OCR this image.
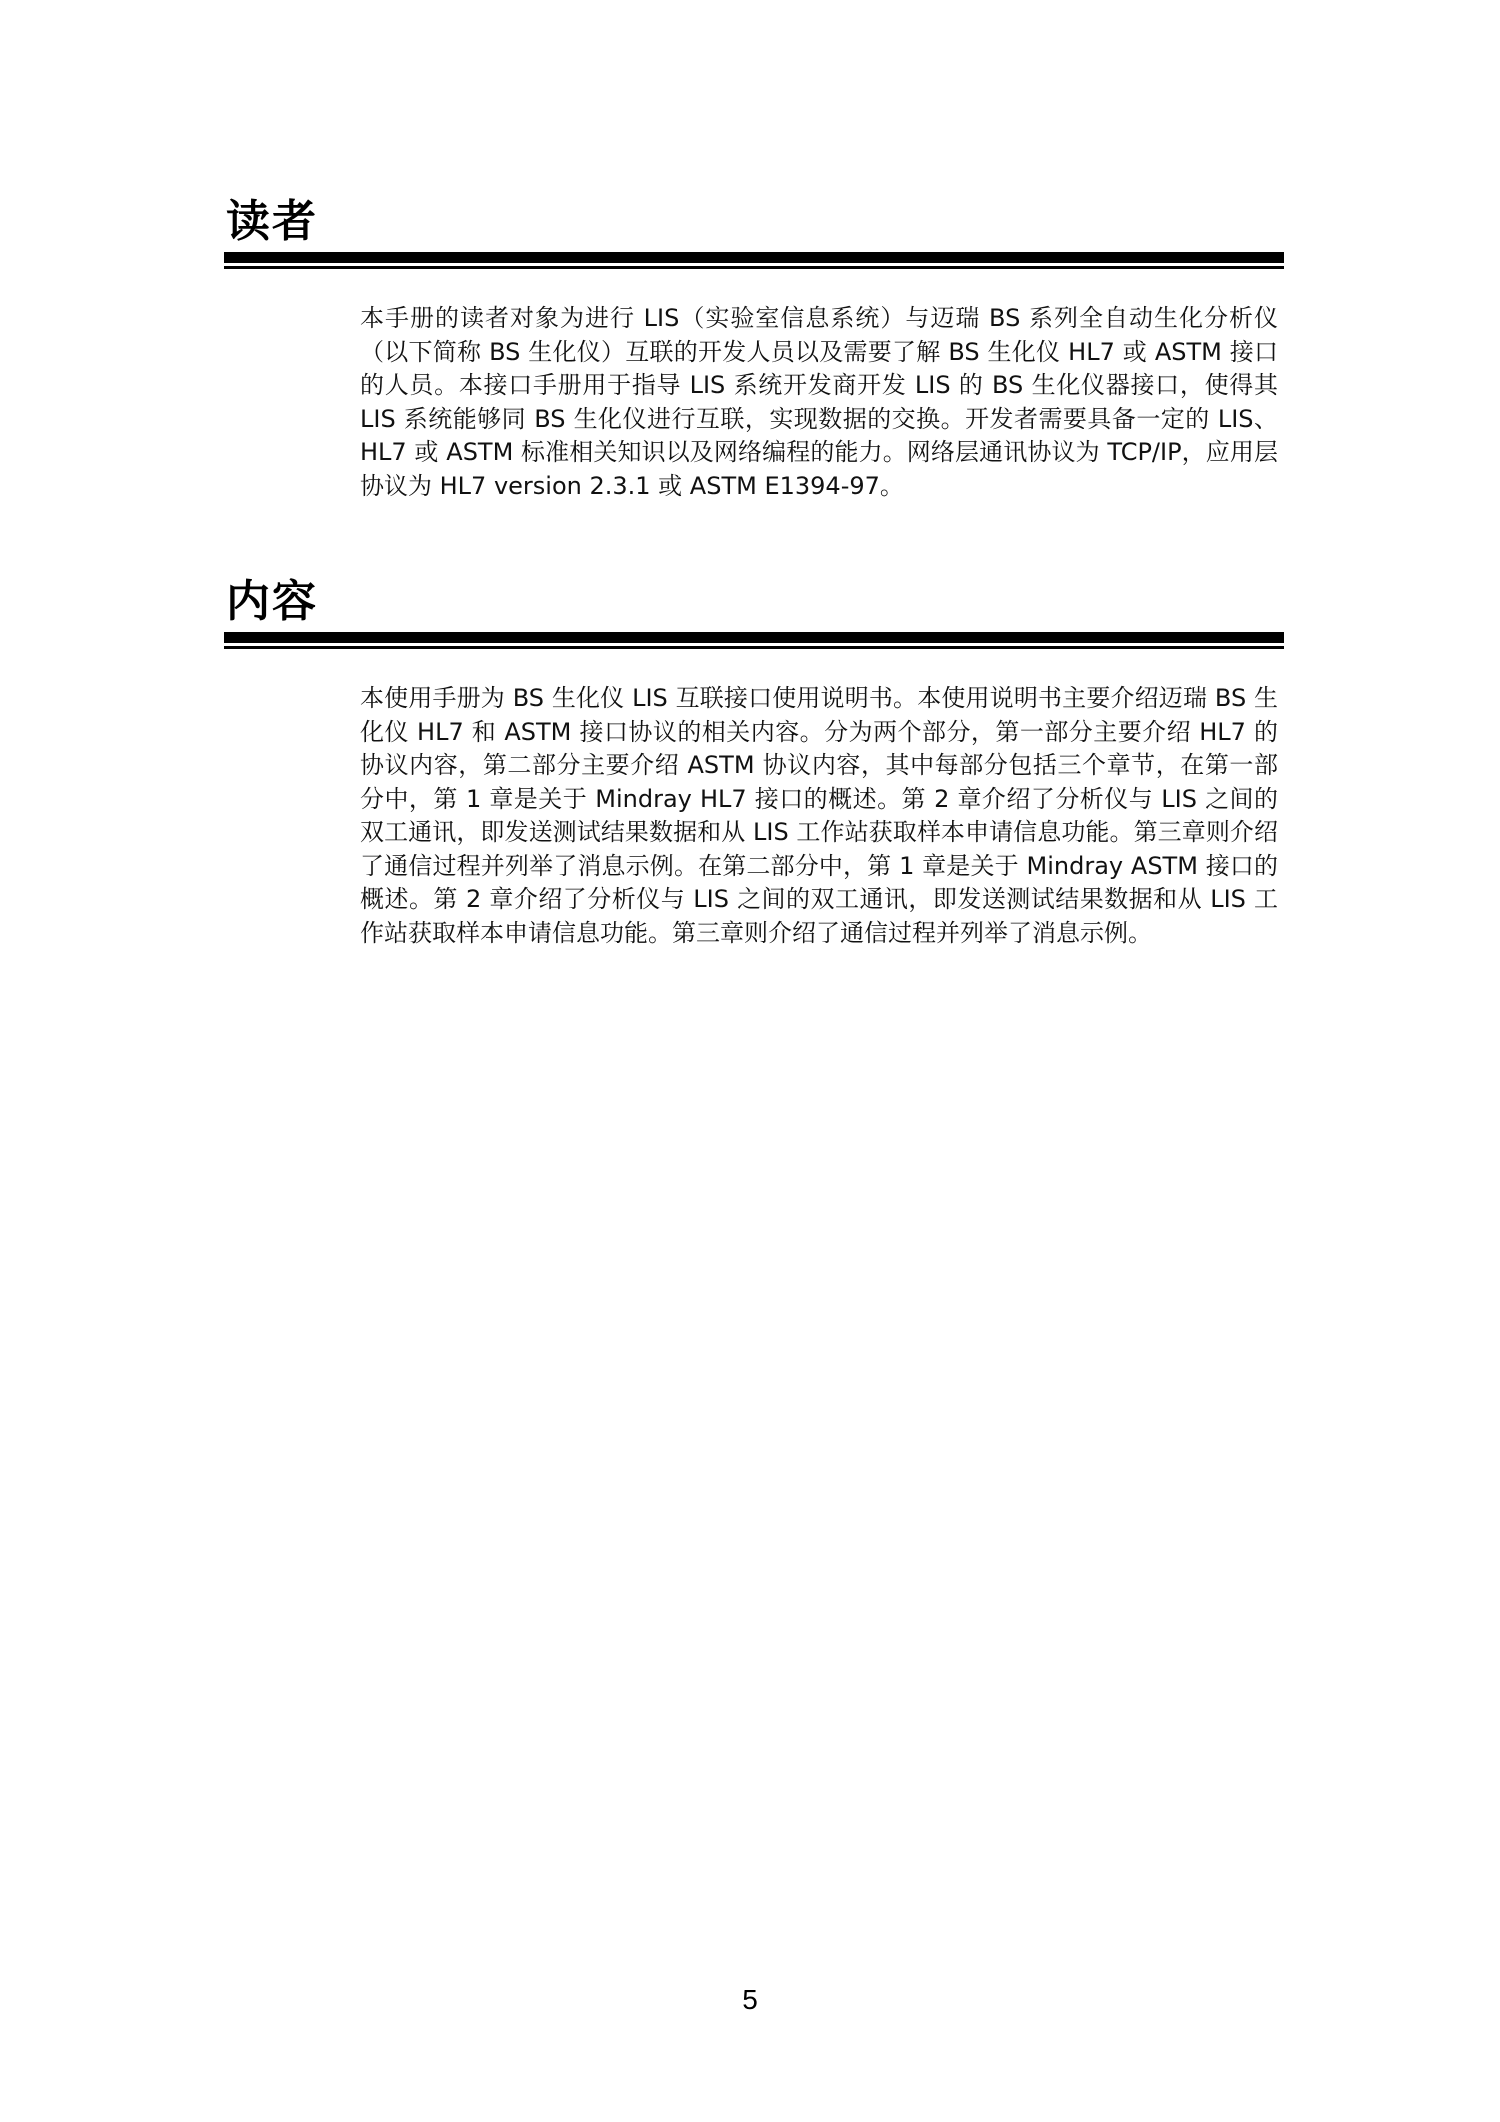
读者

本手册的读者对象为进行 LIS（实验室信息系统）与迈瑞 BS 系列全自动生化分析仪（以下简称 BS 生化仪）互联的开发人员以及需要了解 BS 生化仪 HL7 或 ASTM 接口的人员。本接口手册用于指导 LIS 系统开发商开发 LIS 的 BS 生化仪器接口，使得其 LIS 系统能够同 BS 生化仪进行互联，实现数据的交换。开发者需要具备一定的 LIS、HL7 或 ASTM 标准相关知识以及网络编程的能力。网络层通讯协议为 TCP/IP，应用层协议为 HL7 version 2.3.1 或 ASTM E1394-97。

内容

本使用手册为 BS 生化仪 LIS 互联接口使用说明书。本使用说明书主要介绍迈瑞 BS 生化仪 HL7 和 ASTM 接口协议的相关内容。分为两个部分，第一部分主要介绍 HL7 的协议内容，第二部分主要介绍 ASTM 协议内容，其中每部分包括三个章节，在第一部分中，第 1 章是关于 Mindray HL7 接口的概述。第 2 章介绍了分析仪与 LIS 之间的双工通讯，即发送测试结果数据和从 LIS 工作站获取样本申请信息功能。第三章则介绍了通信过程并列举了消息示例。在第二部分中，第 1 章是关于 Mindray ASTM 接口的概述。第 2 章介绍了分析仪与 LIS 之间的双工通讯，即发送测试结果数据和从 LIS 工作站获取样本申请信息功能。第三章则介绍了通信过程并列举了消息示例。

5
